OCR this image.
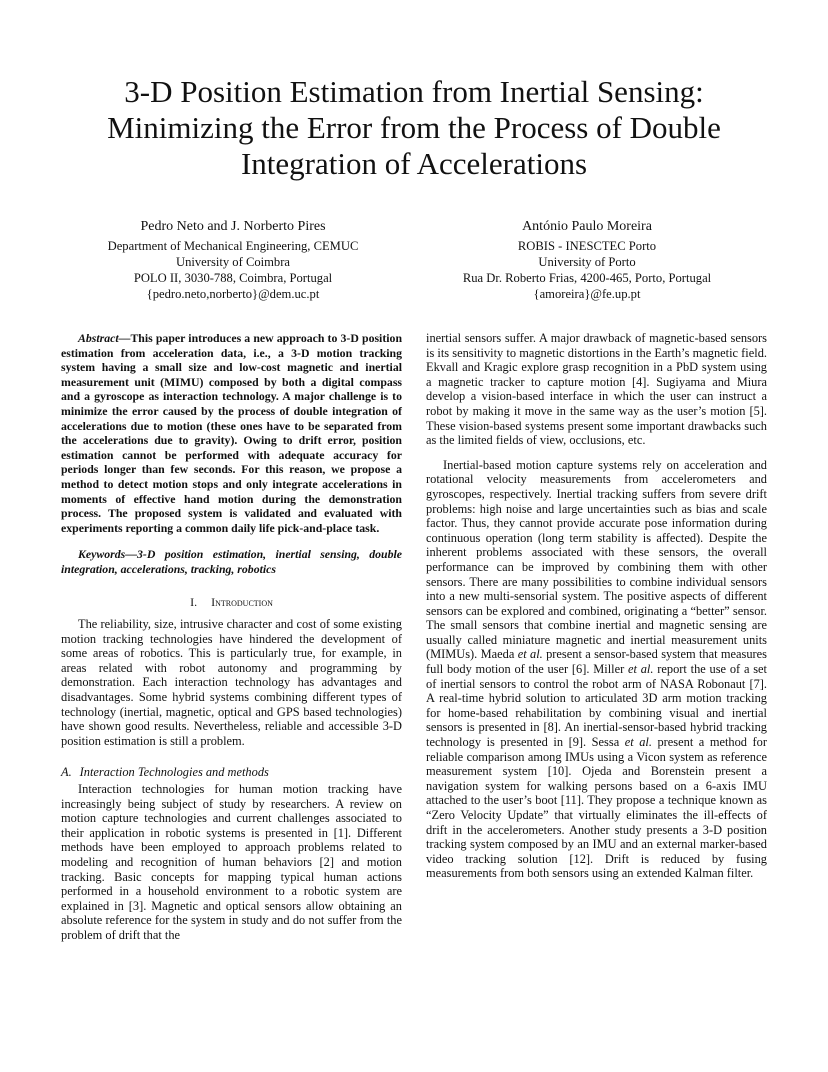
3-D Position Estimation from Inertial Sensing: Minimizing the Error from the Process of Double Integration of Accelerations
Pedro Neto and J. Norberto Pires
Department of Mechanical Engineering, CEMUC
University of Coimbra
POLO II, 3030-788, Coimbra, Portugal
{pedro.neto,norberto}@dem.uc.pt
António Paulo Moreira
ROBIS - INESCTEC Porto
University of Porto
Rua Dr. Roberto Frias, 4200-465, Porto, Portugal
{amoreira}@fe.up.pt

Abstract—This paper introduces a new approach to 3-D position estimation from acceleration data, i.e., a 3-D motion tracking system having a small size and low-cost magnetic and inertial measurement unit (MIMU) composed by both a digital compass and a gyroscope as interaction technology. A major challenge is to minimize the error caused by the process of double integration of accelerations due to motion (these ones have to be separated from the accelerations due to gravity). Owing to drift error, position estimation cannot be performed with adequate accuracy for periods longer than few seconds. For this reason, we propose a method to detect motion stops and only integrate accelerations in moments of effective hand motion during the demonstration process. The proposed system is validated and evaluated with experiments reporting a common daily life pick-and-place task.

Keywords—3-D position estimation, inertial sensing, double integration, accelerations, tracking, robotics

I. Introduction

The reliability, size, intrusive character and cost of some existing motion tracking technologies have hindered the development of some areas of robotics. This is particularly true, for example, in areas related with robot autonomy and programming by demonstration. Each interaction technology has advantages and disadvantages. Some hybrid systems combining different types of technology (inertial, magnetic, optical and GPS based technologies) have shown good results. Nevertheless, reliable and accessible 3-D position estimation is still a problem.

A. Interaction Technologies and methods

Interaction technologies for human motion tracking have increasingly being subject of study by researchers. A review on motion capture technologies and current challenges associated to their application in robotic systems is presented in [1]. Different methods have been employed to approach problems related to modeling and recognition of human behaviors [2] and motion tracking. Basic concepts for mapping typical human actions performed in a household environment to a robotic system are explained in [3]. Magnetic and optical sensors allow obtaining an absolute reference for the system in study and do not suffer from the problem of drift that the

inertial sensors suffer. A major drawback of magnetic-based sensors is its sensitivity to magnetic distortions in the Earth’s magnetic field. Ekvall and Kragic explore grasp recognition in a PbD system using a magnetic tracker to capture motion [4]. Sugiyama and Miura develop a vision-based interface in which the user can instruct a robot by making it move in the same way as the user’s motion [5]. These vision-based systems present some important drawbacks such as the limited fields of view, occlusions, etc.

Inertial-based motion capture systems rely on acceleration and rotational velocity measurements from accelerometers and gyroscopes, respectively. Inertial tracking suffers from severe drift problems: high noise and large uncertainties such as bias and scale factor. Thus, they cannot provide accurate pose information during continuous operation (long term stability is affected). Despite the inherent problems associated with these sensors, the overall performance can be improved by combining them with other sensors. There are many possibilities to combine individual sensors into a new multi-sensorial system. The positive aspects of different sensors can be explored and combined, originating a “better” sensor. The small sensors that combine inertial and magnetic sensing are usually called miniature magnetic and inertial measurement units (MIMUs). Maeda et al. present a sensor-based system that measures full body motion of the user [6]. Miller et al. report the use of a set of inertial sensors to control the robot arm of NASA Robonaut [7]. A real-time hybrid solution to articulated 3D arm motion tracking for home-based rehabilitation by combining visual and inertial sensors is presented in [8]. An inertial-sensor-based hybrid tracking technology is presented in [9]. Sessa et al. present a method for reliable comparison among IMUs using a Vicon system as reference measurement system [10]. Ojeda and Borenstein present a navigation system for walking persons based on a 6-axis IMU attached to the user’s boot [11]. They propose a technique known as “Zero Velocity Update” that virtually eliminates the ill-effects of drift in the accelerometers. Another study presents a 3-D position tracking system composed by an IMU and an external marker-based video tracking solution [12]. Drift is reduced by fusing measurements from both sensors using an extended Kalman filter.
